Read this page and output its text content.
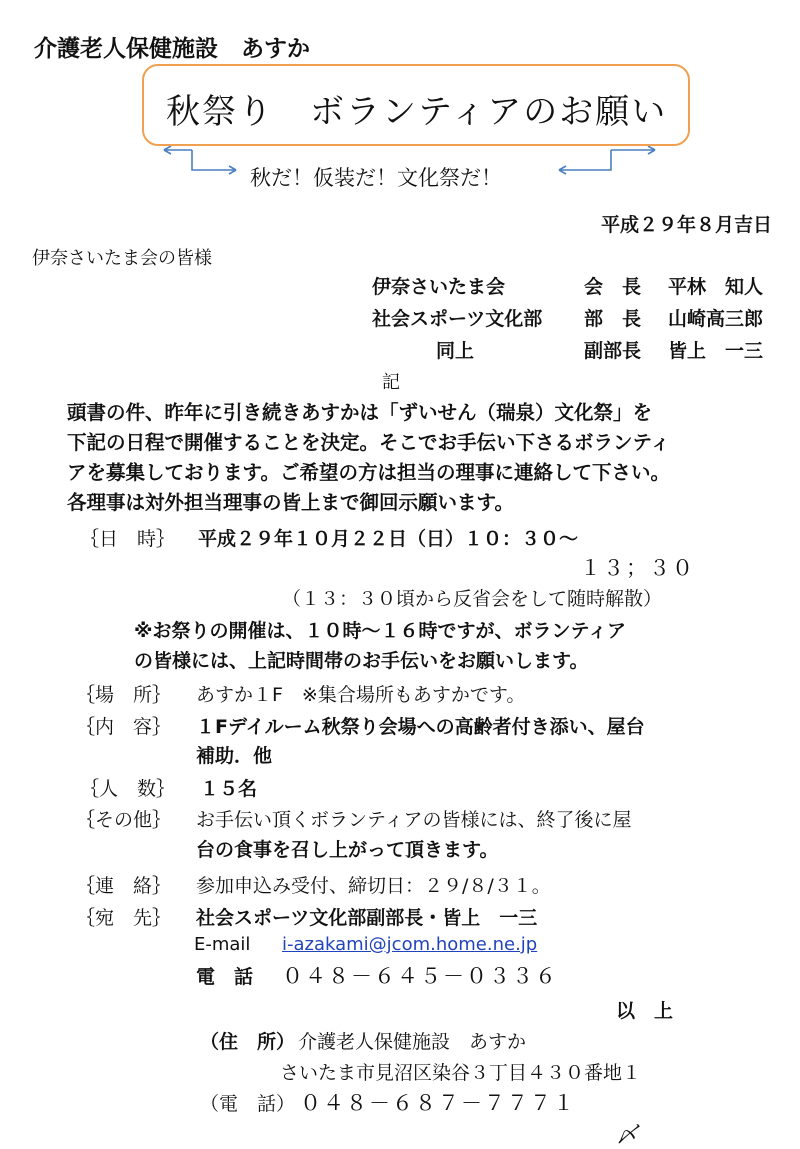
介護老人保健施設　あすか
秋祭り　ボランティアのお願い
秋だ！仮装だ！文化祭だ！
平成２９年８月吉日
伊奈さいたま会の皆様
伊奈さいたま会	会　長 平林　知人
社会スポーツ文化部 部　長 山崎高三郎
同上	副部長 皆上　一三
記
頭書の件、昨年に引き続きあすかは「ずいせん（瑞泉）文化祭」を
下記の日程で開催することを決定。そこでお手伝い下さるボランティ
アを募集しております。ご希望の方は担当の理事に連絡して下さい。
各理事は対外担当理事の皆上まで御回示願います。
｛日　時｝ 平成２９年１０月２２日（日）１０：３０～
１３；３０
（１３：３０頃から反省会をして随時解散）
※お祭りの開催は、１０時～１６時ですが、ボランティア
の皆様には、上記時間帯のお手伝いをお願いします。
｛場　所｝ あすか１F　※集合場所もあすかです。
｛内　容｝ １Fデイルーム秋祭り会場への高齢者付き添い、屋台
補助．他
｛人　数｝ １５名
｛その他｝ お手伝い頂くボランティアの皆様には、終了後に屋
台の食事を召し上がって頂きます。
｛連　絡｝ 参加申込み受付、締切日：２９/８/３１。
｛宛　先｝ 社会スポーツ文化部副部長・皆上　一三
E-mail i-azakami@jcom.home.ne.jp
電　話 ０４８－６４５－０３３６
以　上
（住　所） 介護老人保健施設　あすか
さいたま市見沼区染谷３丁目４３０番地１
（電　話） ０４８－６８７－７７７１
〆
